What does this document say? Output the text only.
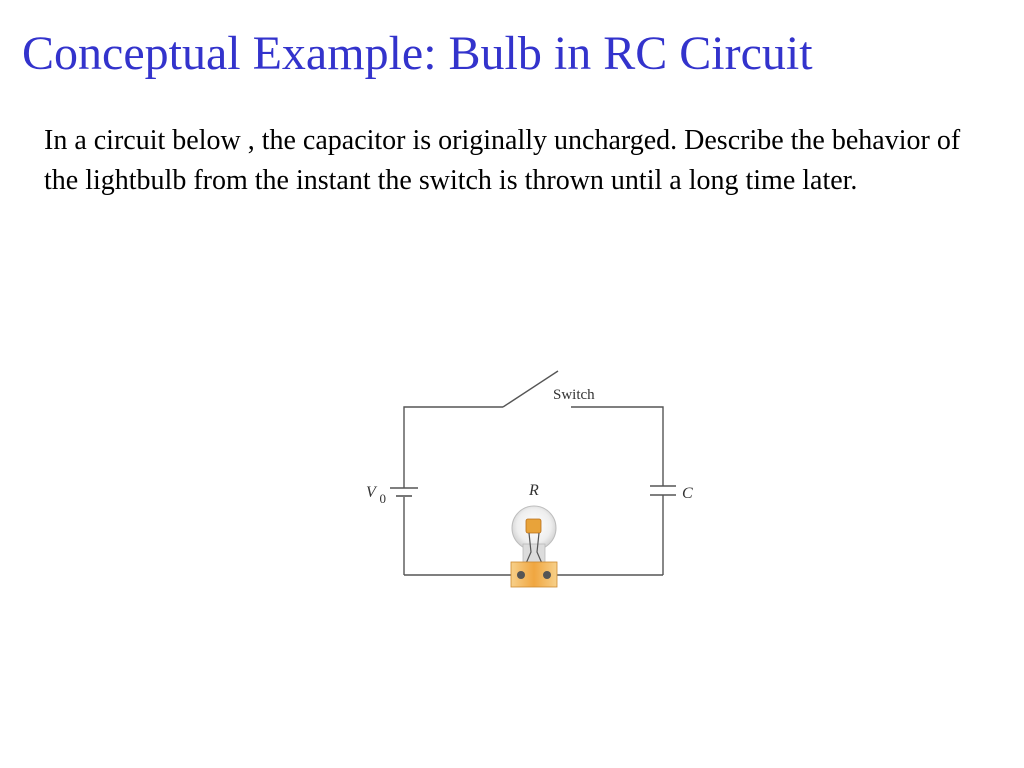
Conceptual Example: Bulb in RC Circuit

In a circuit below , the capacitor is originally uncharged. Describe the behavior of the lightbulb from the instant the switch is thrown until a long time later.

Switch
V $_0$	C
R
